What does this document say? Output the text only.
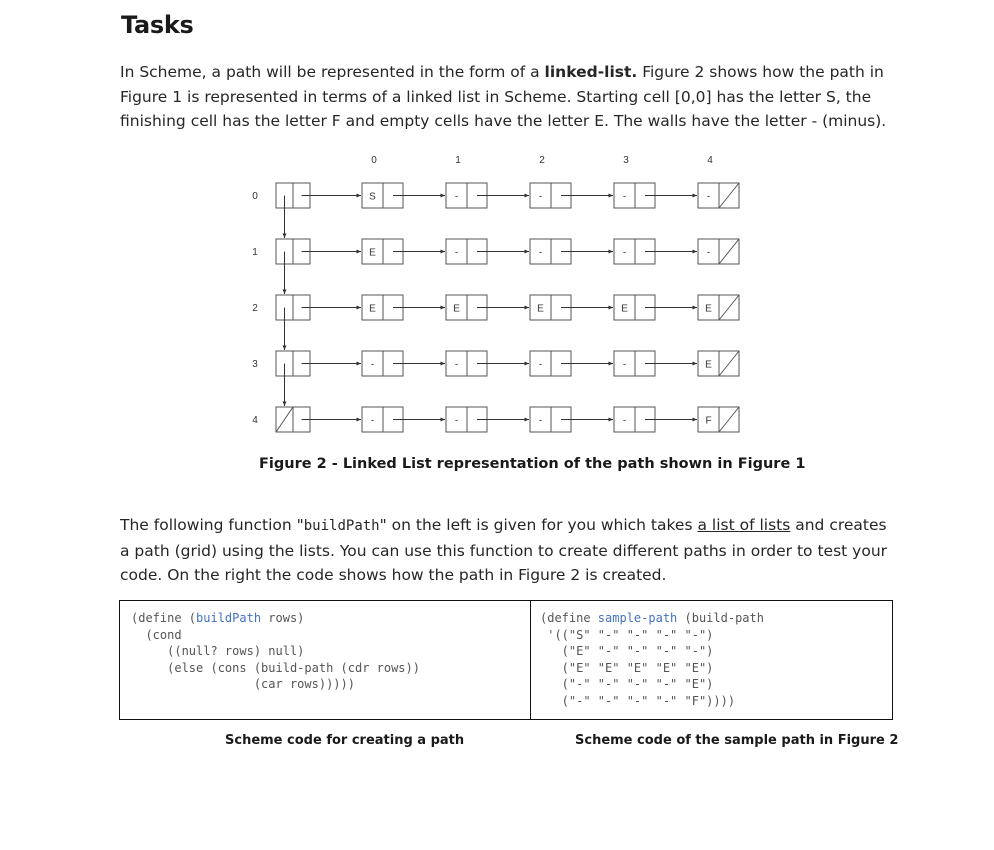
Tasks

In Scheme, a path will be represented in the form of a linked-list. Figure 2 shows how the path in Figure 1 is represented in terms of a linked list in Scheme. Starting cell [0,0] has the letter S, the finishing cell has the letter F and empty cells have the letter E. The walls have the letter - (minus).

0	1	2	3	4
0	S	-	-	-	-
1	E	-	-	-	-
2	E	E	E	E	E
3	-	-	-	-	E
4	-	-	-	-	F

Figure 2 - Linked List representation of the path shown in Figure 1

The following function "buildPath" on the left is given for you which takes a list of lists and creates a path (grid) using the lists. You can use this function to create different paths in order to test your code. On the right the code shows how the path in Figure 2 is created.

(define (buildPath rows)
(cond
((null? rows) null)
(else (cons (build-path (cdr rows))
(car rows)))))
(define sample-path (build-path
'(("S" "-" "-" "-" "-")
("E" "-" "-" "-" "-")
("E" "E" "E" "E" "E")
("-" "-" "-" "-" "E")
("-" "-" "-" "-" "F"))))
Scheme code for creating a path	Scheme code of the sample path in Figure 2
